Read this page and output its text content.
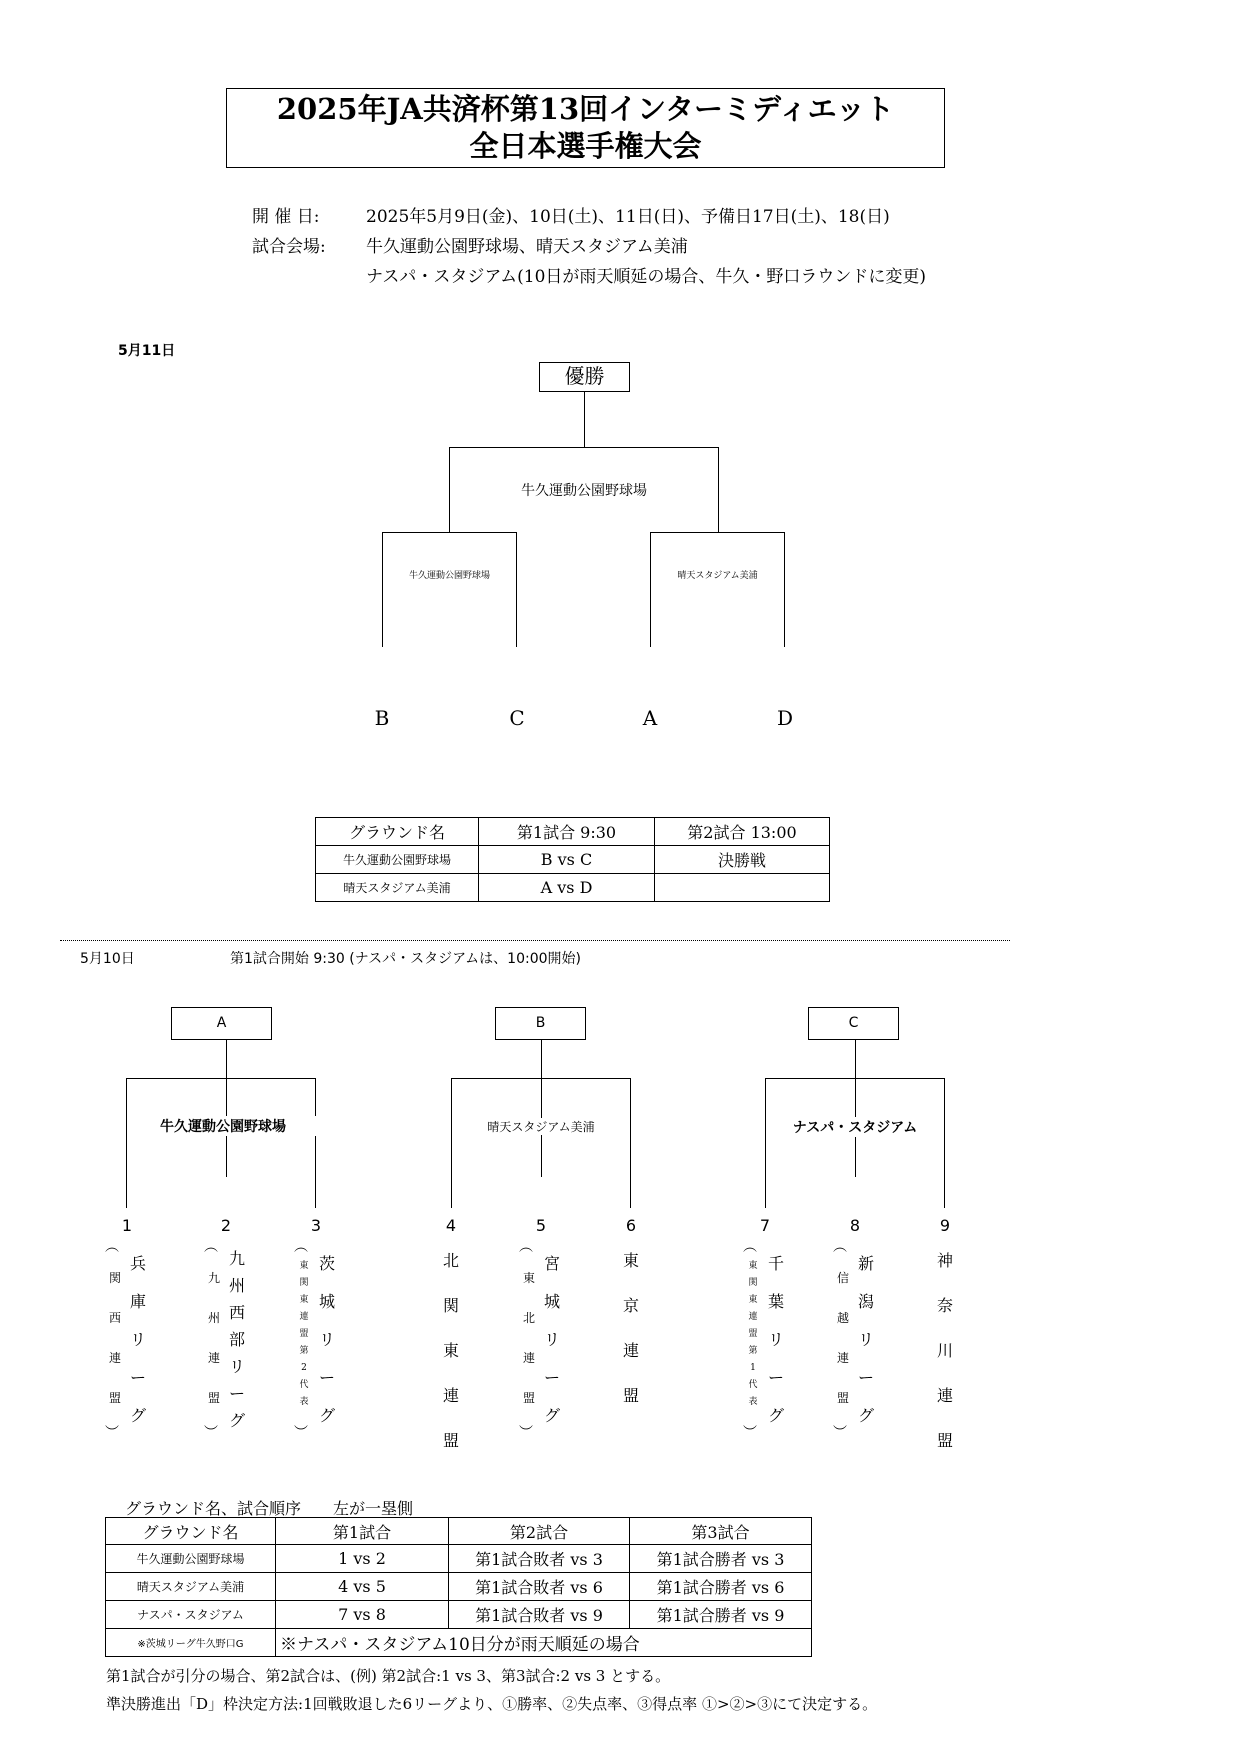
2025年JA共済杯第13回インターミディエット
全日本選手権大会
開 催 日:	2025年5月9日(金)、10日(土)、11日(日)、予備日17日(土)、18(日)
試合会場: 牛久運動公園野球場、晴天スタジアム美浦
ナスパ・スタジアム(10日が雨天順延の場合、牛久・野口ラウンドに変更)
5月11日
優勝
牛久運動公園野球場
牛久運動公園野球場	晴天スタジアム美浦
B	C	A	D
グラウンド名	第1試合 9:30	第2試合 13:00
牛久運動公園野球場	B vs C	決勝戦
晴天スタジアム美浦	A vs D	
5月10日	第1試合開始 9:30 (ナスパ・スタジアムは、10:00開始)
A
牛久運動公園野球場
B
晴天スタジアム美浦
C
ナスパ・スタジアム
1
兵
庫
リ
ー
グ
関
西
連
盟
︵
︶
2
九
州
西
部
リ
ー
グ
九
州
連
盟
︵
︶
3
茨
城
リ
ー
グ
東
関
東
連
盟
第
2
代
表
︵
︶
4
北
関
東
連
盟
5
宮
城
リ
ー
グ
東
北
連
盟
︵
︶
6
東
京
連
盟
7
千
葉
リ
ー
グ
東
関
東
連
盟
第
1
代
表
︵
︶
8
新
潟
リ
ー
グ
信
越
連
盟
︵
︶
9
神
奈
川
連
盟
グラウンド名、試合順序　　左が一塁側
グラウンド名	第1試合	第2試合	第3試合
牛久運動公園野球場	1 vs 2	第1試合敗者 vs 3	第1試合勝者 vs 3
晴天スタジアム美浦	4 vs 5	第1試合敗者 vs 6	第1試合勝者 vs 6
ナスパ・スタジアム	7 vs 8	第1試合敗者 vs 9	第1試合勝者 vs 9
※茨城リーグ牛久野口G	※ナスパ・スタジアム10日分が雨天順延の場合		
第1試合が引分の場合、第2試合は、(例) 第2試合:1 vs 3、第3試合:2 vs 3 とする。
準決勝進出「D」枠決定方法:1回戦敗退した6リーグより、①勝率、②失点率、③得点率 ①>②>③にて決定する。
